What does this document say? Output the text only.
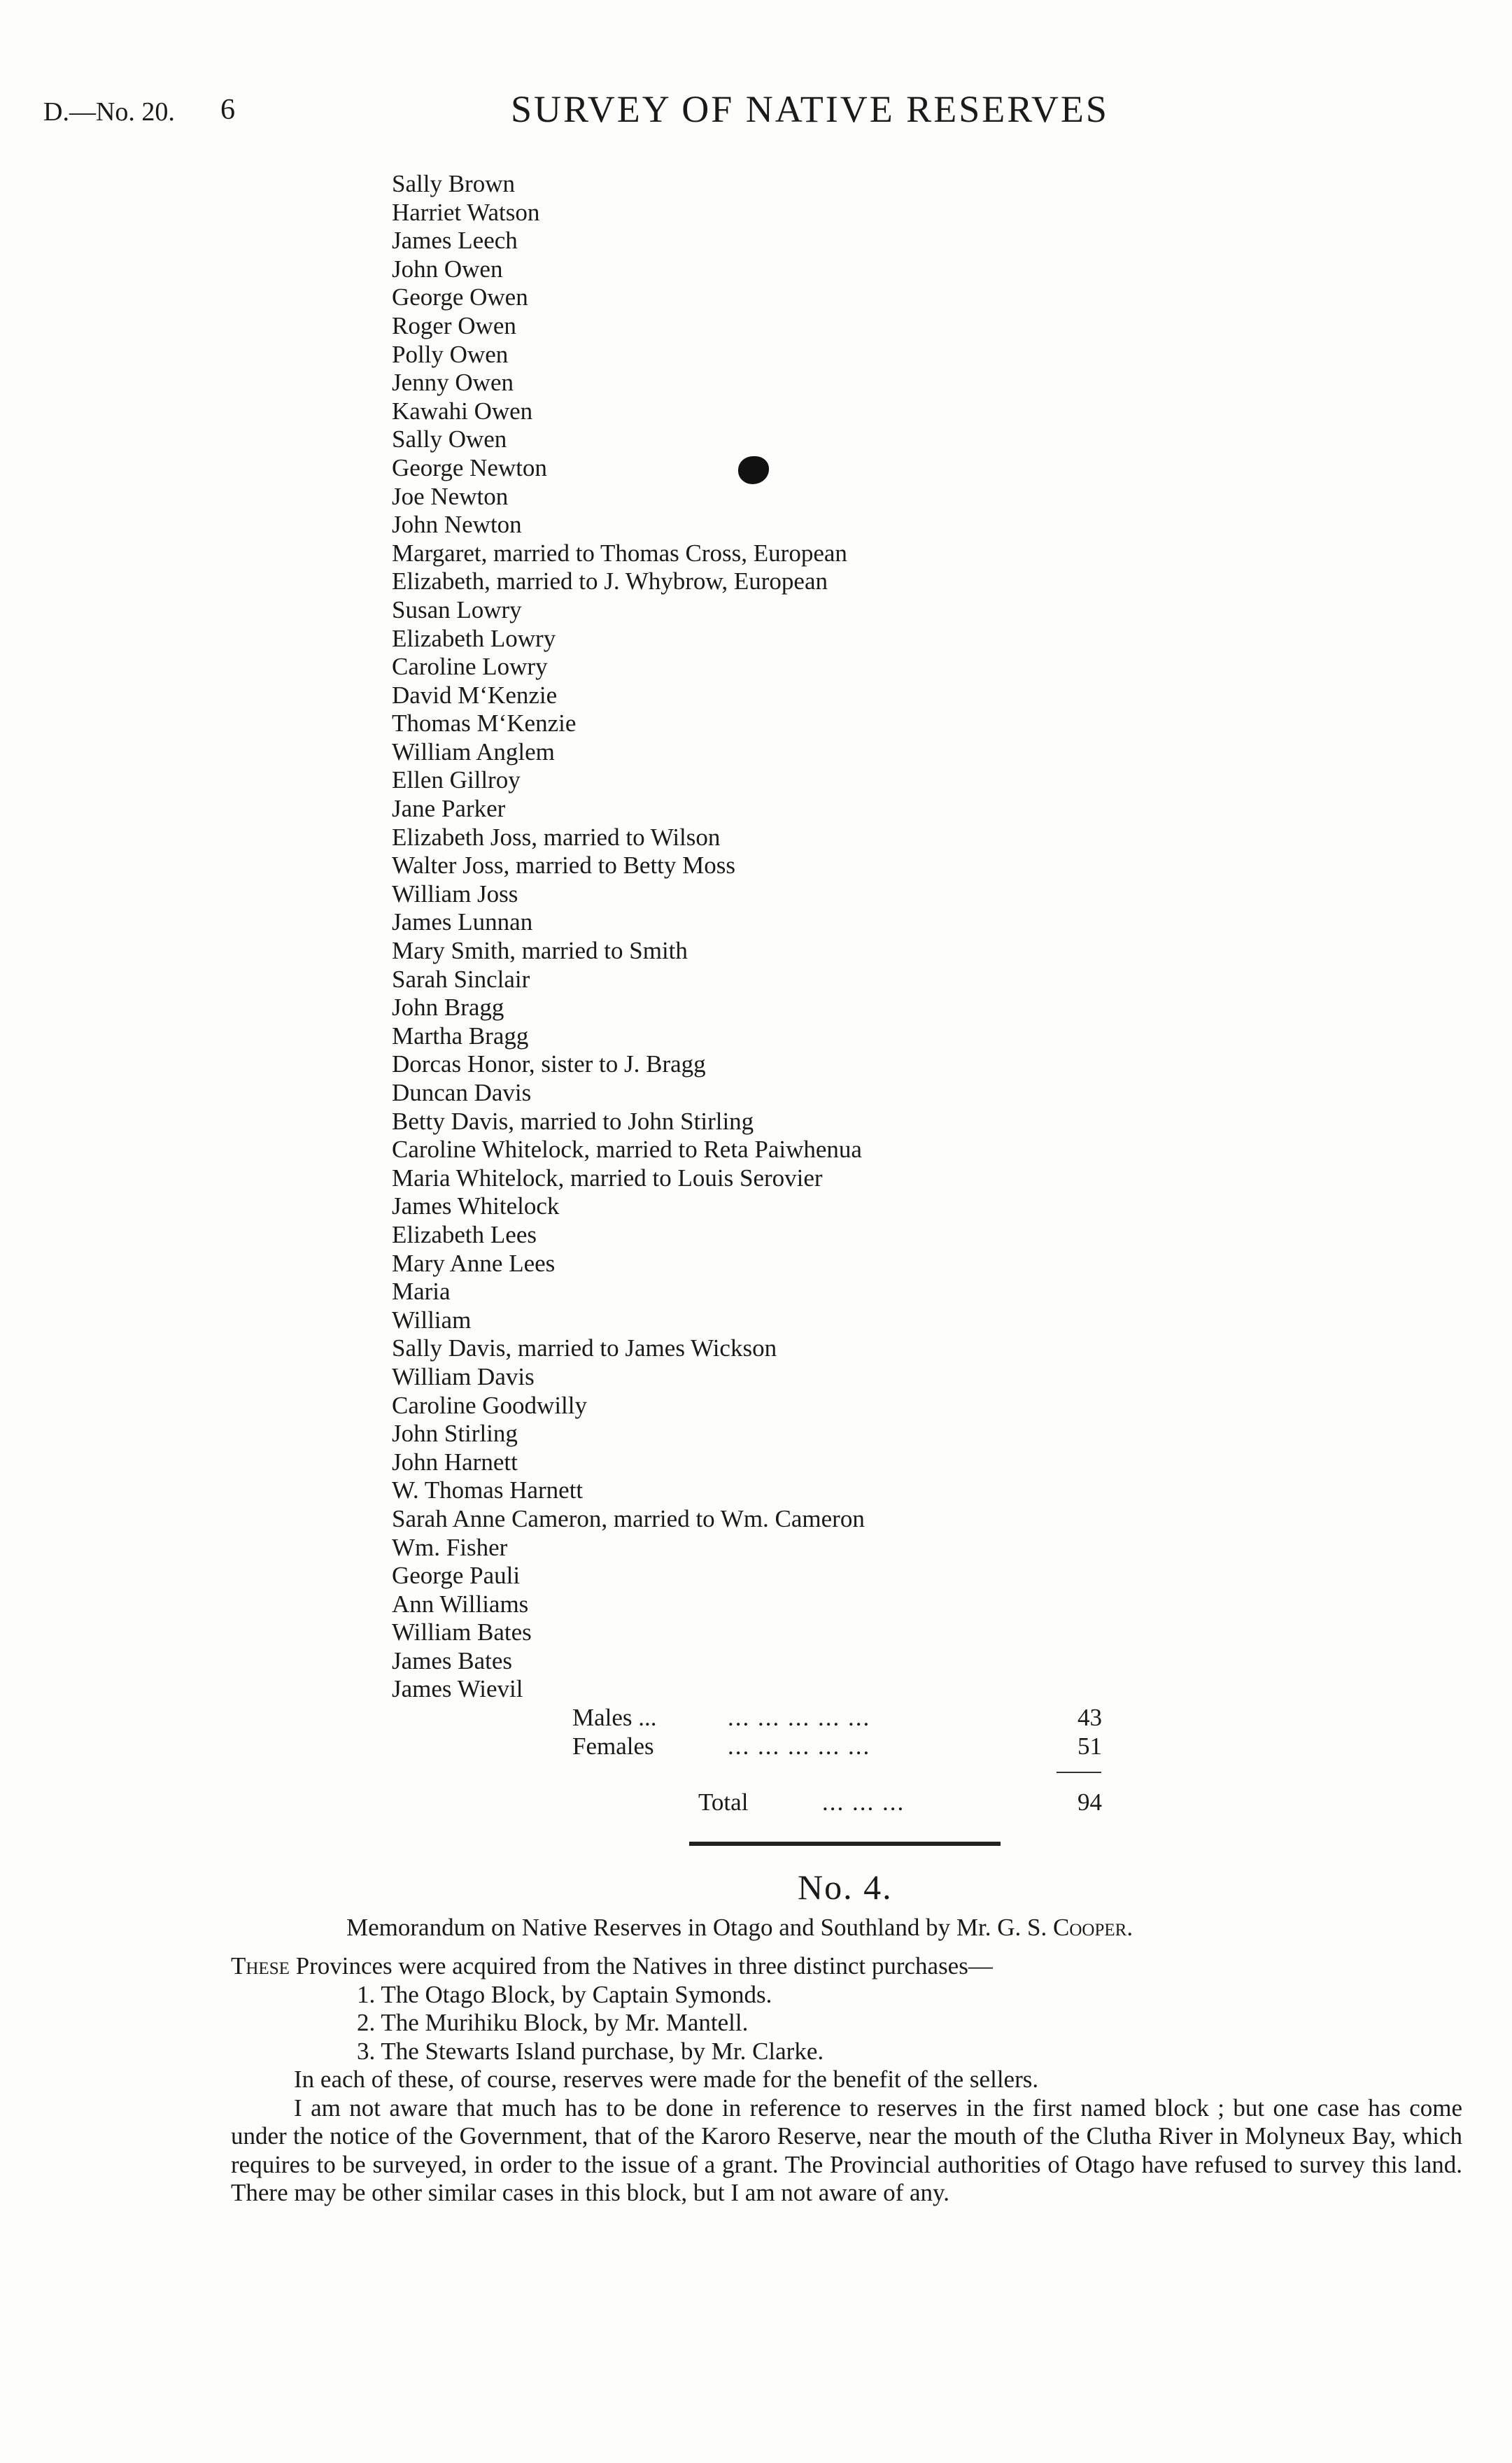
D.—No. 20. 6	SURVEY OF NATIVE RESERVES
Sally Brown
Harriet Watson
James Leech
John Owen
George Owen
Roger Owen
Polly Owen
Jenny Owen
Kawahi Owen
Sally Owen
George Newton
Joe Newton
John Newton
Margaret, married to Thomas Cross, European
Elizabeth, married to J. Whybrow, European
Susan Lowry
Elizabeth Lowry
Caroline Lowry
David M‘Kenzie
Thomas M‘Kenzie
William Anglem
Ellen Gillroy
Jane Parker
Elizabeth Joss, married to Wilson
Walter Joss, married to Betty Moss
William Joss
James Lunnan
Mary Smith, married to Smith
Sarah Sinclair
John Bragg
Martha Bragg
Dorcas Honor, sister to J. Bragg
Duncan Davis
Betty Davis, married to John Stirling
Caroline Whitelock, married to Reta Paiwhenua
Maria Whitelock, married to Louis Serovier
James Whitelock
Elizabeth Lees
Mary Anne Lees
Maria
William
Sally Davis, married to James Wickson
William Davis
Caroline Goodwilly
John Stirling
John Harnett
W. Thomas Harnett
Sarah Anne Cameron, married to Wm. Cameron
Wm. Fisher
George Pauli
Ann Williams
William Bates
James Bates
James Wievil
Males ...	... ... ... ... ...	43
Females	... ... ... ... ...	51
Total	... ... ...	94
No. 4.
Memorandum on Native Reserves in Otago and Southland by Mr. G. S. Cooper.

These Provinces were acquired from the Natives in three distinct purchases—

1. The Otago Block, by Captain Symonds.

2. The Murihiku Block, by Mr. Mantell.

3. The Stewarts Island purchase, by Mr. Clarke.

In each of these, of course, reserves were made for the benefit of the sellers.

I am not aware that much has to be done in reference to reserves in the first named block ; but one case has come under the notice of the Government, that of the Karoro Reserve, near the mouth of the Clutha River in Molyneux Bay, which requires to be surveyed, in order to the issue of a grant. The Provincial authorities of Otago have refused to survey this land. There may be other similar cases in this block, but I am not aware of any.
